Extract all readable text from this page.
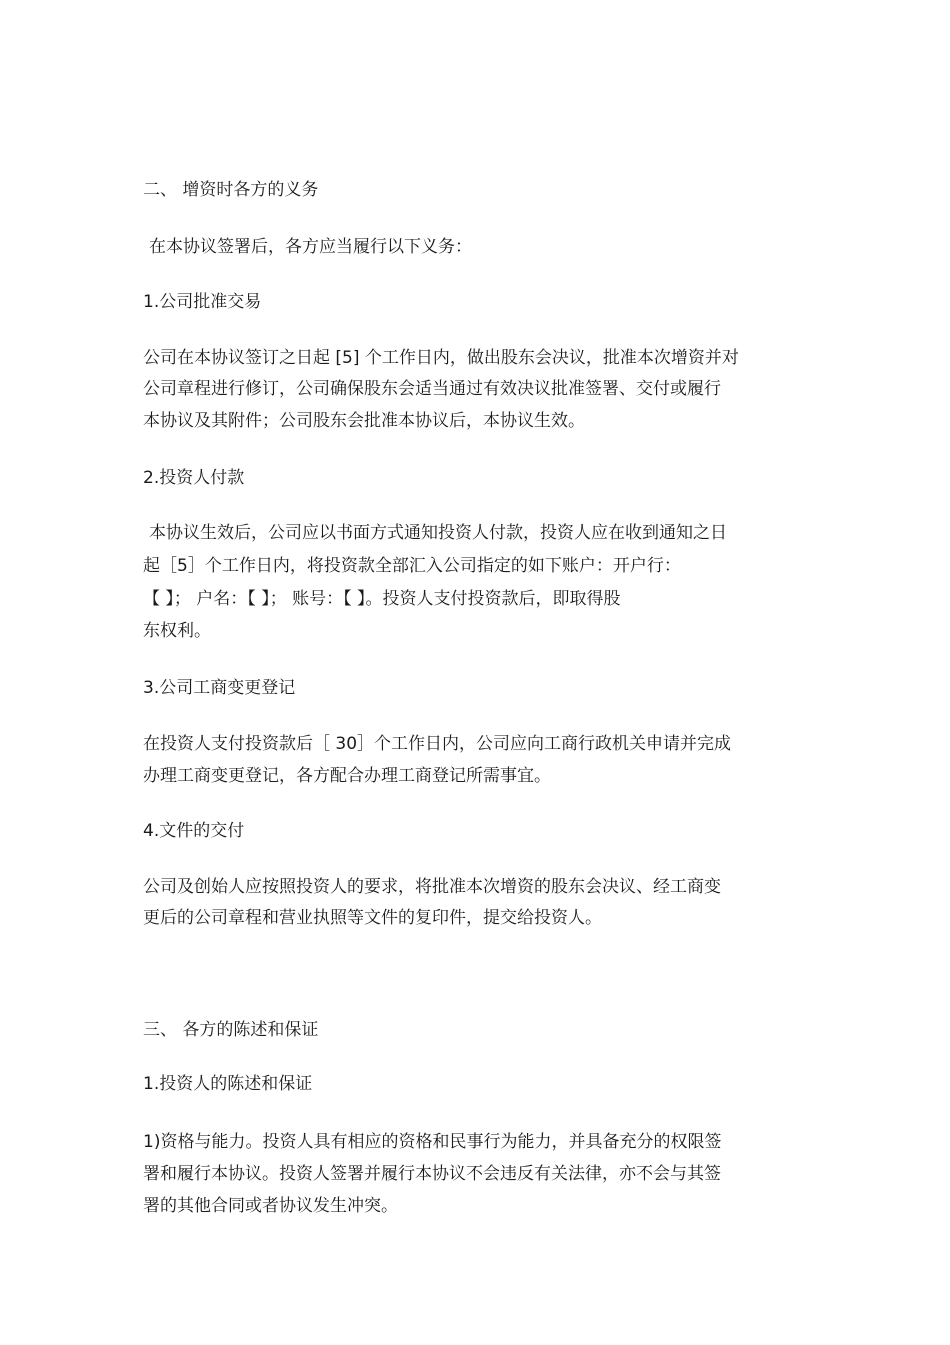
二、 增资时各方的义务
在本协议签署后，各方应当履行以下义务：
1.公司批准交易
公司在本协议签订之日起 [5] 个工作日内，做出股东会决议，批准本次增资并对
公司章程进行修订，公司确保股东会适当通过有效决议批准签署、交付或履行
本协议及其附件；公司股东会批准本协议后，本协议生效。
2.投资人付款
本协议生效后，公司应以书面方式通知投资人付款，投资人应在收到通知之日
起［5］个工作日内，将投资款全部汇入公司指定的如下账户：开户行：
【 】； 户名：【 】； 账号：【 】。投资人支付投资款后，即取得股
东权利。
3.公司工商变更登记
在投资人支付投资款后［ 30］个工作日内，公司应向工商行政机关申请并完成
办理工商变更登记，各方配合办理工商登记所需事宜。
4.文件的交付
公司及创始人应按照投资人的要求，将批准本次增资的股东会决议、经工商变
更后的公司章程和营业执照等文件的复印件，提交给投资人。
三、 各方的陈述和保证
1.投资人的陈述和保证
1)资格与能力。投资人具有相应的资格和民事行为能力，并具备充分的权限签
署和履行本协议。投资人签署并履行本协议不会违反有关法律，亦不会与其签
署的其他合同或者协议发生冲突。
